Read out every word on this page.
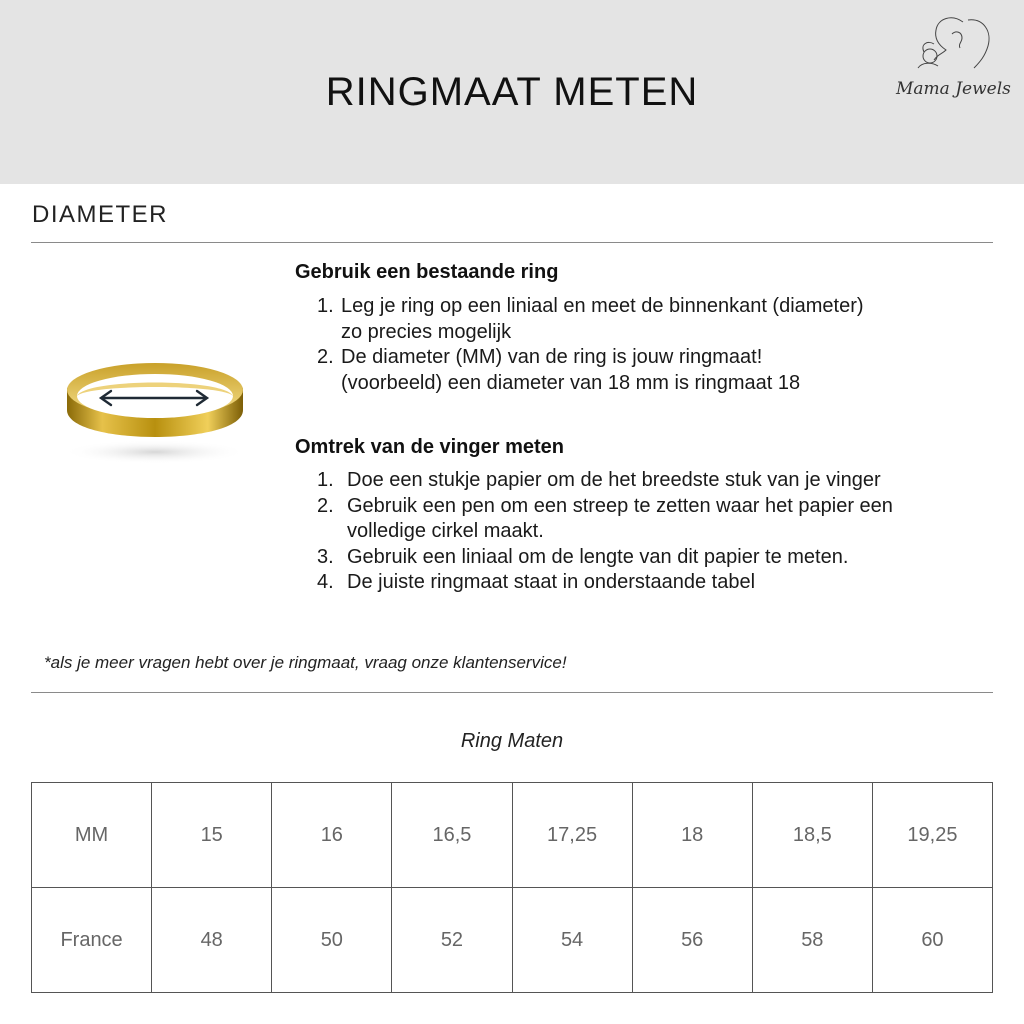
RINGMAAT METEN	Mama Jewels
DIAMETER
Gebruik een bestaande ring
1. Leg je ring op een liniaal en meet de binnenkant (diameter)
zo precies mogelijk
2. De diameter (MM) van de ring is jouw ringmaat!
(voorbeeld) een diameter van 18 mm is ringmaat 18
Omtrek van de vinger meten
1. Doe een stukje papier om de het breedste stuk van je vinger
2. Gebruik een pen om een streep te zetten waar het papier een
volledige cirkel maakt.
3. Gebruik een liniaal om de lengte van dit papier te meten.
4. De juiste ringmaat staat in onderstaande tabel
*als je meer vragen hebt over je ringmaat, vraag onze klantenservice!
Ring Maten
MM	15	16	16,5	17,25	18	18,5	19,25
France	48	50	52	54	56	58	60
